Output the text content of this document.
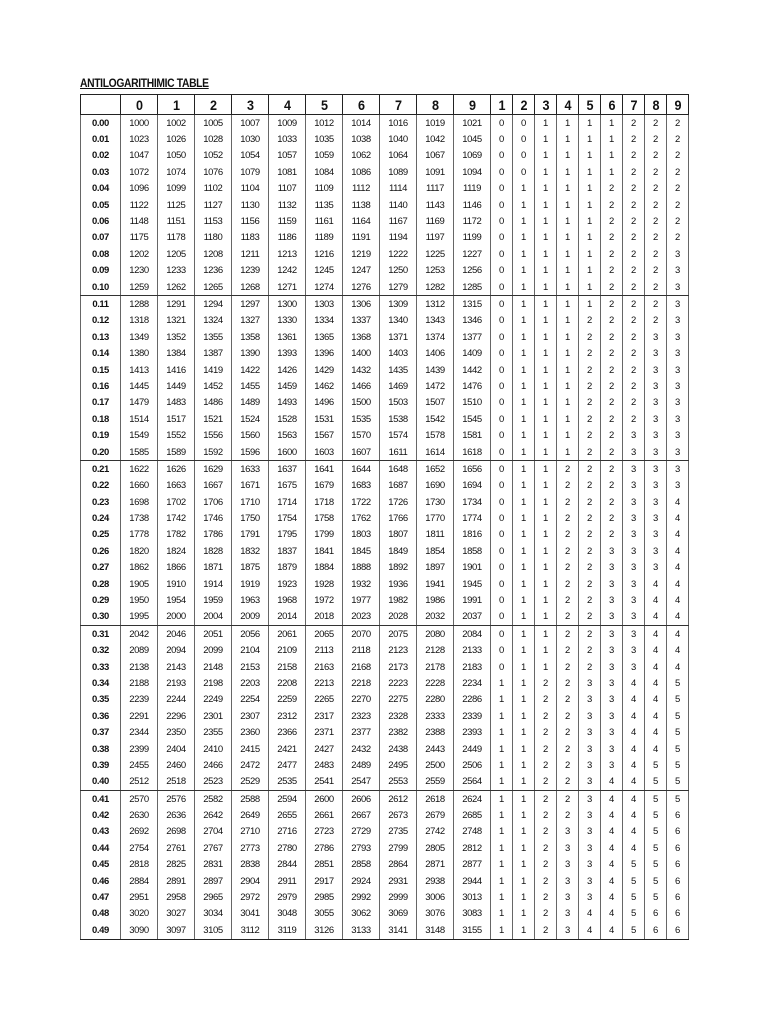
ANTILOGARITHIMIC TABLE
	0	1	2	3	4	5	6	7	8	9	1	2	3	4	5	6	7	8	9
0.00	1000	1002	1005	1007	1009	1012	1014	1016	1019	1021	0	0	1	1	1	1	2	2	2
0.01	1023	1026	1028	1030	1033	1035	1038	1040	1042	1045	0	0	1	1	1	1	2	2	2
0.02	1047	1050	1052	1054	1057	1059	1062	1064	1067	1069	0	0	1	1	1	1	2	2	2
0.03	1072	1074	1076	1079	1081	1084	1086	1089	1091	1094	0	0	1	1	1	1	2	2	2
0.04	1096	1099	1102	1104	1107	1109	1112	1114	1117	1119	0	1	1	1	1	2	2	2	2
0.05	1122	1125	1127	1130	1132	1135	1138	1140	1143	1146	0	1	1	1	1	2	2	2	2
0.06	1148	1151	1153	1156	1159	1161	1164	1167	1169	1172	0	1	1	1	1	2	2	2	2
0.07	1175	1178	1180	1183	1186	1189	1191	1194	1197	1199	0	1	1	1	1	2	2	2	2
0.08	1202	1205	1208	1211	1213	1216	1219	1222	1225	1227	0	1	1	1	1	2	2	2	3
0.09	1230	1233	1236	1239	1242	1245	1247	1250	1253	1256	0	1	1	1	1	2	2	2	3
0.10	1259	1262	1265	1268	1271	1274	1276	1279	1282	1285	0	1	1	1	1	2	2	2	3
0.11	1288	1291	1294	1297	1300	1303	1306	1309	1312	1315	0	1	1	1	1	2	2	2	3
0.12	1318	1321	1324	1327	1330	1334	1337	1340	1343	1346	0	1	1	1	2	2	2	2	3
0.13	1349	1352	1355	1358	1361	1365	1368	1371	1374	1377	0	1	1	1	2	2	2	3	3
0.14	1380	1384	1387	1390	1393	1396	1400	1403	1406	1409	0	1	1	1	2	2	2	3	3
0.15	1413	1416	1419	1422	1426	1429	1432	1435	1439	1442	0	1	1	1	2	2	2	3	3
0.16	1445	1449	1452	1455	1459	1462	1466	1469	1472	1476	0	1	1	1	2	2	2	3	3
0.17	1479	1483	1486	1489	1493	1496	1500	1503	1507	1510	0	1	1	1	2	2	2	3	3
0.18	1514	1517	1521	1524	1528	1531	1535	1538	1542	1545	0	1	1	1	2	2	2	3	3
0.19	1549	1552	1556	1560	1563	1567	1570	1574	1578	1581	0	1	1	1	2	2	3	3	3
0.20	1585	1589	1592	1596	1600	1603	1607	1611	1614	1618	0	1	1	1	2	2	3	3	3
0.21	1622	1626	1629	1633	1637	1641	1644	1648	1652	1656	0	1	1	2	2	2	3	3	3
0.22	1660	1663	1667	1671	1675	1679	1683	1687	1690	1694	0	1	1	2	2	2	3	3	3
0.23	1698	1702	1706	1710	1714	1718	1722	1726	1730	1734	0	1	1	2	2	2	3	3	4
0.24	1738	1742	1746	1750	1754	1758	1762	1766	1770	1774	0	1	1	2	2	2	3	3	4
0.25	1778	1782	1786	1791	1795	1799	1803	1807	1811	1816	0	1	1	2	2	2	3	3	4
0.26	1820	1824	1828	1832	1837	1841	1845	1849	1854	1858	0	1	1	2	2	3	3	3	4
0.27	1862	1866	1871	1875	1879	1884	1888	1892	1897	1901	0	1	1	2	2	3	3	3	4
0.28	1905	1910	1914	1919	1923	1928	1932	1936	1941	1945	0	1	1	2	2	3	3	4	4
0.29	1950	1954	1959	1963	1968	1972	1977	1982	1986	1991	0	1	1	2	2	3	3	4	4
0.30	1995	2000	2004	2009	2014	2018	2023	2028	2032	2037	0	1	1	2	2	3	3	4	4
0.31	2042	2046	2051	2056	2061	2065	2070	2075	2080	2084	0	1	1	2	2	3	3	4	4
0.32	2089	2094	2099	2104	2109	2113	2118	2123	2128	2133	0	1	1	2	2	3	3	4	4
0.33	2138	2143	2148	2153	2158	2163	2168	2173	2178	2183	0	1	1	2	2	3	3	4	4
0.34	2188	2193	2198	2203	2208	2213	2218	2223	2228	2234	1	1	2	2	3	3	4	4	5
0.35	2239	2244	2249	2254	2259	2265	2270	2275	2280	2286	1	1	2	2	3	3	4	4	5
0.36	2291	2296	2301	2307	2312	2317	2323	2328	2333	2339	1	1	2	2	3	3	4	4	5
0.37	2344	2350	2355	2360	2366	2371	2377	2382	2388	2393	1	1	2	2	3	3	4	4	5
0.38	2399	2404	2410	2415	2421	2427	2432	2438	2443	2449	1	1	2	2	3	3	4	4	5
0.39	2455	2460	2466	2472	2477	2483	2489	2495	2500	2506	1	1	2	2	3	3	4	5	5
0.40	2512	2518	2523	2529	2535	2541	2547	2553	2559	2564	1	1	2	2	3	4	4	5	5
0.41	2570	2576	2582	2588	2594	2600	2606	2612	2618	2624	1	1	2	2	3	4	4	5	5
0.42	2630	2636	2642	2649	2655	2661	2667	2673	2679	2685	1	1	2	2	3	4	4	5	6
0.43	2692	2698	2704	2710	2716	2723	2729	2735	2742	2748	1	1	2	3	3	4	4	5	6
0.44	2754	2761	2767	2773	2780	2786	2793	2799	2805	2812	1	1	2	3	3	4	4	5	6
0.45	2818	2825	2831	2838	2844	2851	2858	2864	2871	2877	1	1	2	3	3	4	5	5	6
0.46	2884	2891	2897	2904	2911	2917	2924	2931	2938	2944	1	1	2	3	3	4	5	5	6
0.47	2951	2958	2965	2972	2979	2985	2992	2999	3006	3013	1	1	2	3	3	4	5	5	6
0.48	3020	3027	3034	3041	3048	3055	3062	3069	3076	3083	1	1	2	3	4	4	5	6	6
0.49	3090	3097	3105	3112	3119	3126	3133	3141	3148	3155	1	1	2	3	4	4	5	6	6
